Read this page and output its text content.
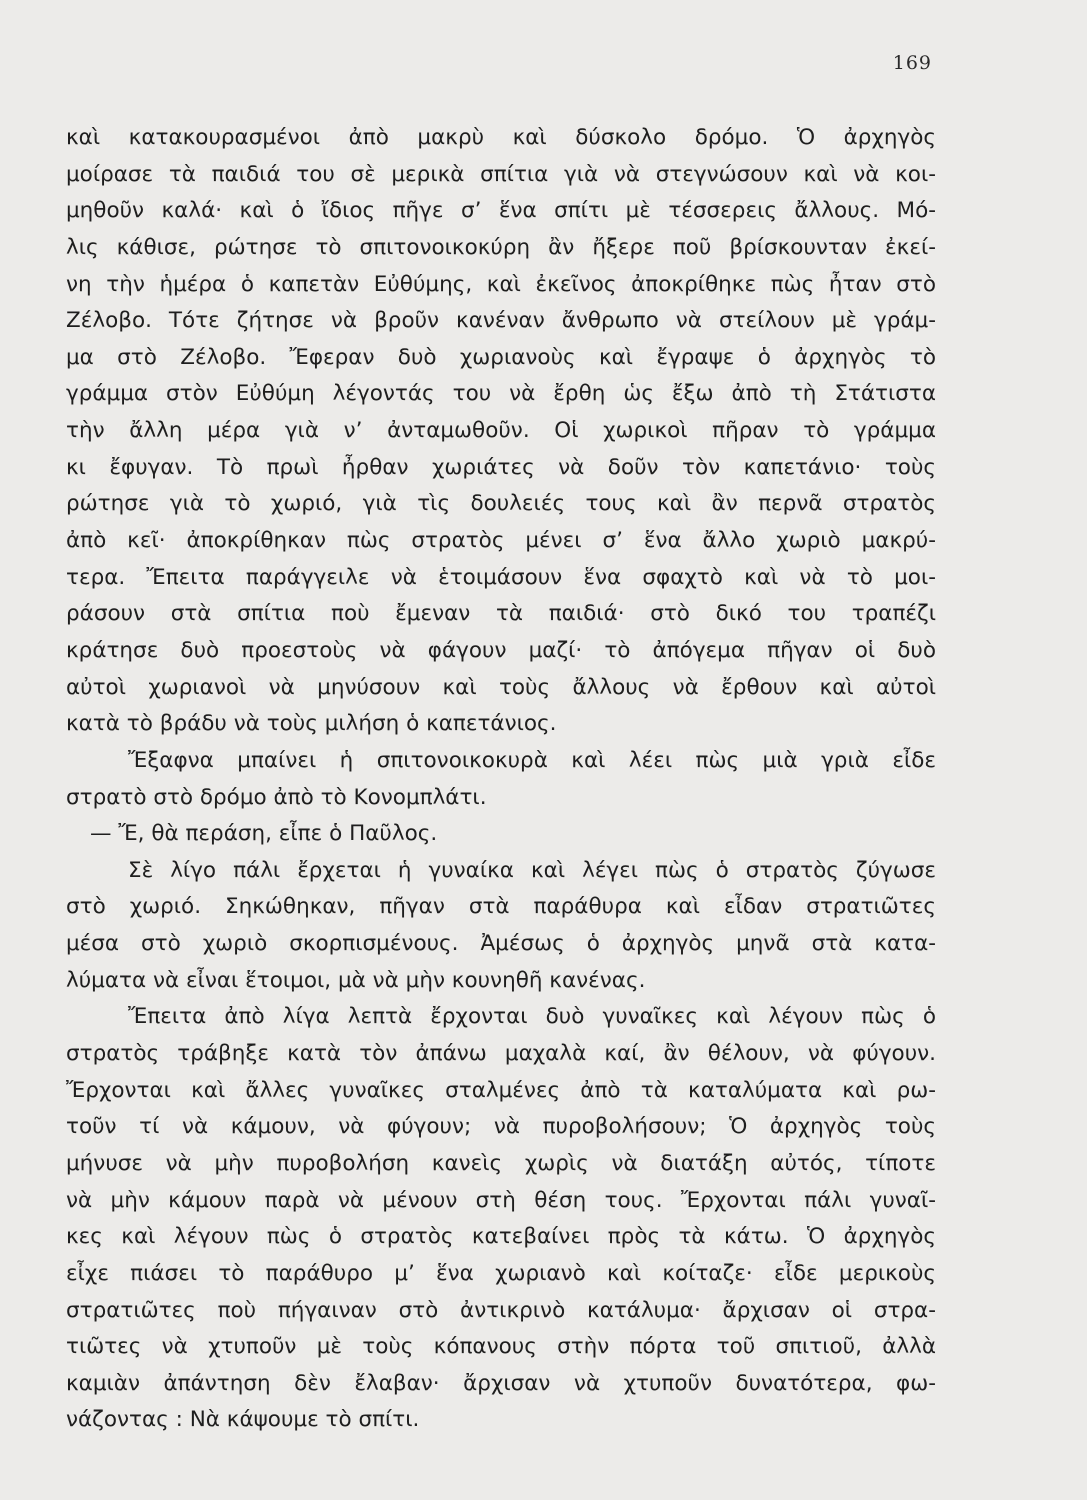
169
καὶ κατακουρασμένοι ἀπὸ μακρὺ καὶ δύσκολο δρόμο. Ὁ ἀρχηγὸς
μοίρασε τὰ παιδιά του σὲ μερικὰ σπίτια γιὰ νὰ στεγνώσουν καὶ νὰ κοι-
μηθοῦν καλά· καὶ ὁ ἴδιος πῆγε σ’ ἕνα σπίτι μὲ τέσσερεις ἄλλους. Μό-
λις κάθισε, ρώτησε τὸ σπιτονοικοκύρη ἂν ἤξερε ποῦ βρίσκουνταν ἐκεί-
νη τὴν ἡμέρα ὁ καπετὰν Εὐθύμης, καὶ ἐκεῖνος ἀποκρίθηκε πὼς ἦταν στὸ
Ζέλοβο. Τότε ζήτησε νὰ βροῦν κανέναν ἄνθρωπο νὰ στείλουν μὲ γράμ-
μα στὸ Ζέλοβο. Ἔφεραν δυὸ χωριανοὺς καὶ ἔγραψε ὁ ἀρχηγὸς τὸ
γράμμα στὸν Εὐθύμη λέγοντάς του νὰ ἔρθη ὡς ἔξω ἀπὸ τὴ Στάτιστα
τὴν ἄλλη μέρα γιὰ ν’ ἀνταμωθοῦν. Οἱ χωρικοὶ πῆραν τὸ γράμμα
κι ἔφυγαν. Τὸ πρωὶ ἦρθαν χωριάτες νὰ δοῦν τὸν καπετάνιο· τοὺς
ρώτησε γιὰ τὸ χωριό, γιὰ τὶς δουλειές τους καὶ ἂν περνᾶ στρατὸς
ἀπὸ κεῖ· ἀποκρίθηκαν πὼς στρατὸς μένει σ’ ἕνα ἄλλο χωριὸ μακρύ-
τερα. Ἔπειτα παράγγειλε νὰ ἑτοιμάσουν ἕνα σφαχτὸ καὶ νὰ τὸ μοι-
ράσουν στὰ σπίτια ποὺ ἔμεναν τὰ παιδιά· στὸ δικό του τραπέζι
κράτησε δυὸ προεστοὺς νὰ φάγουν μαζί· τὸ ἀπόγεμα πῆγαν οἱ δυὸ
αὐτοὶ χωριανοὶ νὰ μηνύσουν καὶ τοὺς ἄλλους νὰ ἔρθουν καὶ αὐτοὶ
κατὰ τὸ βράδυ νὰ τοὺς μιλήση ὁ καπετάνιος.
Ἔξαφνα μπαίνει ἡ σπιτονοικοκυρὰ καὶ λέει πὼς μιὰ γριὰ εἶδε
στρατὸ στὸ δρόμο ἀπὸ τὸ Κονομπλάτι.
— Ἔ, θὰ περάση, εἶπε ὁ Παῦλος.
Σὲ λίγο πάλι ἔρχεται ἡ γυναίκα καὶ λέγει πὼς ὁ στρατὸς ζύγωσε
στὸ χωριό. Σηκώθηκαν, πῆγαν στὰ παράθυρα καὶ εἶδαν στρατιῶτες
μέσα στὸ χωριὸ σκορπισμένους. Ἀμέσως ὁ ἀρχηγὸς μηνᾶ στὰ κατα-
λύματα νὰ εἶναι ἕτοιμοι, μὰ νὰ μὴν κουνηθῆ κανένας.
Ἔπειτα ἀπὸ λίγα λεπτὰ ἔρχονται δυὸ γυναῖκες καὶ λέγουν πὼς ὁ
στρατὸς τράβηξε κατὰ τὸν ἀπάνω μαχαλὰ καί, ἂν θέλουν, νὰ φύγουν.
Ἔρχονται καὶ ἄλλες γυναῖκες σταλμένες ἀπὸ τὰ καταλύματα καὶ ρω-
τοῦν τί νὰ κάμουν, νὰ φύγουν; νὰ πυροβολήσουν; Ὁ ἀρχηγὸς τοὺς
μήνυσε νὰ μὴν πυροβολήση κανεὶς χωρὶς νὰ διατάξη αὐτός, τίποτε
νὰ μὴν κάμουν παρὰ νὰ μένουν στὴ θέση τους. Ἔρχονται πάλι γυναῖ-
κες καὶ λέγουν πὼς ὁ στρατὸς κατεβαίνει πρὸς τὰ κάτω. Ὁ ἀρχηγὸς
εἶχε πιάσει τὸ παράθυρο μ’ ἕνα χωριανὸ καὶ κοίταζε· εἶδε μερικοὺς
στρατιῶτες ποὺ πήγαιναν στὸ ἀντικρινὸ κατάλυμα· ἄρχισαν οἱ στρα-
τιῶτες νὰ χτυποῦν μὲ τοὺς κόπανους στὴν πόρτα τοῦ σπιτιοῦ, ἀλλὰ
καμιὰν ἀπάντηση δὲν ἔλαβαν· ἄρχισαν νὰ χτυποῦν δυνατότερα, φω-
νάζοντας : Νὰ κάψουμε τὸ σπίτι.
